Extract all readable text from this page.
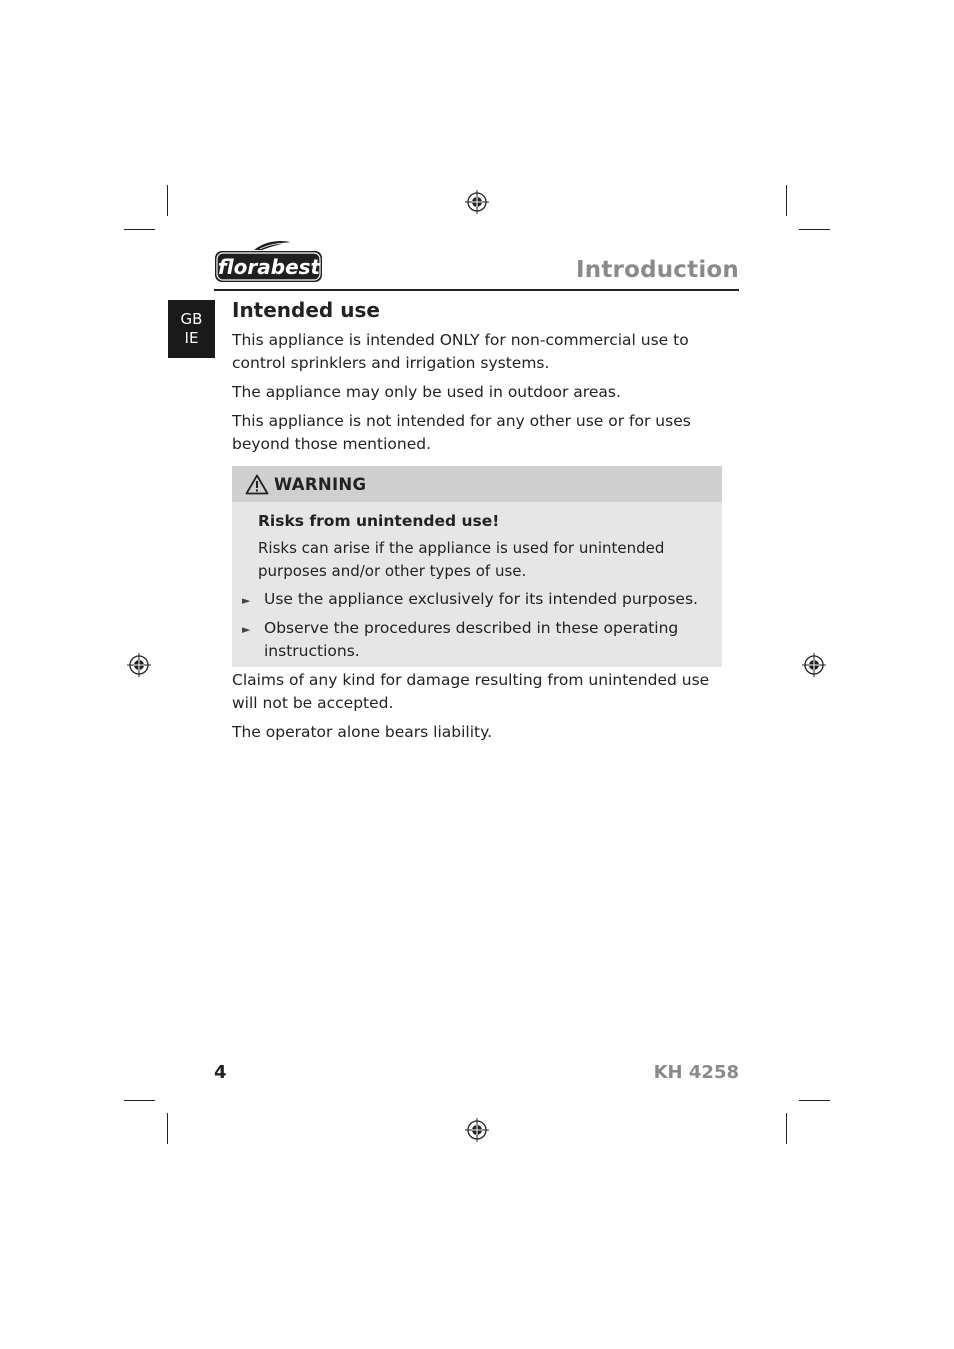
florabest	Introduction
GB
IE
Intended use

This appliance is intended ONLY for non-commercial use to control sprinklers and irrigation systems.

The appliance may only be used in outdoor areas.

This appliance is not intended for any other use or for uses beyond those mentioned.

WARNING
Risks from unintended use!
Risks can arise if the appliance is used for unintended purposes and/or other types of use.
► Use the appliance exclusively for its intended purposes.
► Observe the procedures described in these operating instructions.

Claims of any kind for damage resulting from unintended use will not be accepted.

The operator alone bears liability.

4	KH 4258
